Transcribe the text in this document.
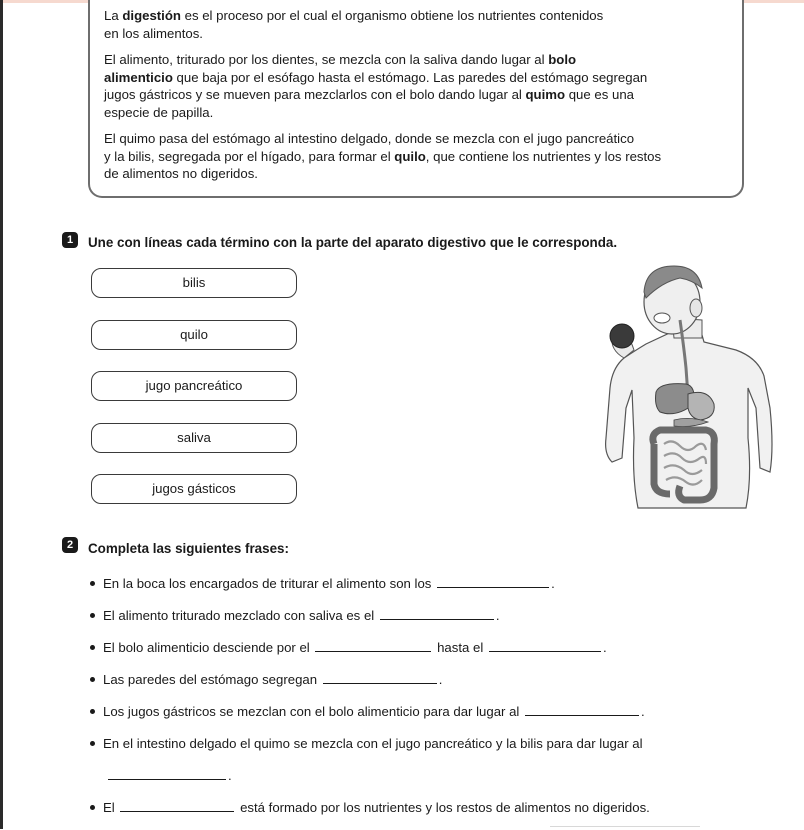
La digestión es el proceso por el cual el organismo obtiene los nutrientes contenidos
en los alimentos.

El alimento, triturado por los dientes, se mezcla con la saliva dando lugar al bolo
alimenticio que baja por el esófago hasta el estómago. Las paredes del estómago segregan
jugos gástricos y se mueven para mezclarlos con el bolo dando lugar al quimo que es una
especie de papilla.

El quimo pasa del estómago al intestino delgado, donde se mezcla con el jugo pancreático
y la bilis, segregada por el hígado, para formar el quilo, que contiene los nutrientes y los restos
de alimentos no digeridos.

1	Une con líneas cada término con la parte del aparato digestivo que le corresponda.
bilis
quilo
jugo pancreático
saliva
jugos gásticos
2	Completa las siguientes frases:
En la boca los encargados de triturar el alimento son los	.
El alimento triturado mezclado con saliva es el	.
El bolo alimenticio desciende por el	hasta el	.
Las paredes del estómago segregan	.
Los jugos gástricos se mezclan con el bolo alimenticio para dar lugar al	.
En el intestino delgado el quimo se mezcla con el jugo pancreático y la bilis para dar lugar al
.
El	está formado por los nutrientes y los restos de alimentos no digeridos.
